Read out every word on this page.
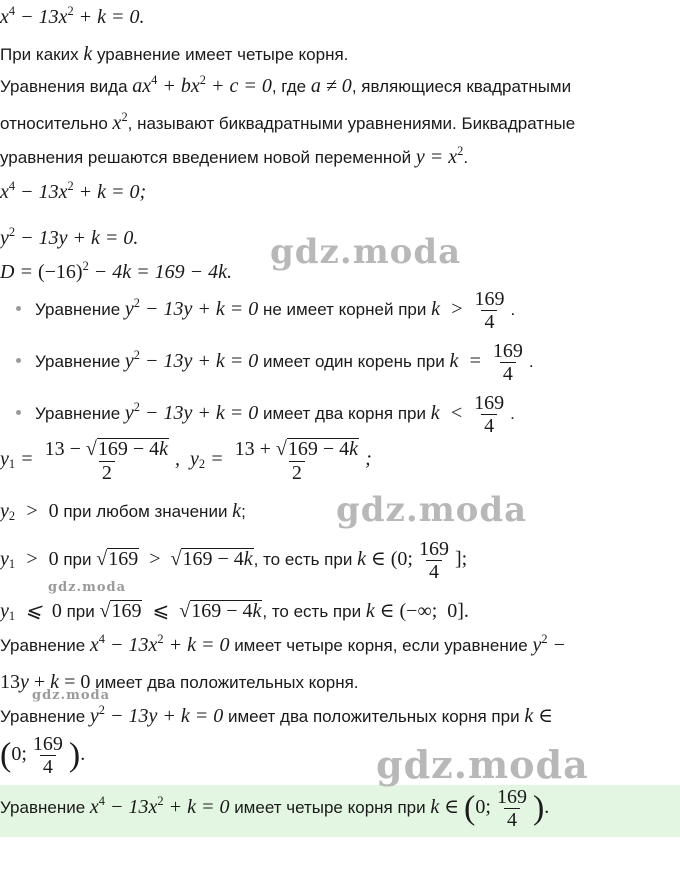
$x^4 - 13x^2 + k = 0$.
При каких k уравнение имеет четыре корня.
Уравнения вида $ax^4 + bx^2 + c = 0$, где a ≠ 0, являющиеся квадратными
относительно $x^2$, называют биквадратными уравнениями. Биквадратные
уравнения решаются введением новой переменной $y = x^2$.
$x^4 - 13x^2 + k = 0$;
$y^2 - 13y + k = 0$.
$D = (-16)^2 - 4k = 169 - 4k$.
Уравнение $y^2 - 13y + k = 0$ не имеет корней при $k > \frac{169}{4}$ .
Уравнение $y^2 - 13y + k = 0$ имеет один корень при $k = \frac{169}{4}$ .
Уравнение $y^2 - 13y + k = 0$ имеет два корня при $k < \frac{169}{4}$ .
$y_1 = \frac{13 - √169 - 4k}{2}$ ,  $y_2 = \frac{13 + √169 - 4k}{2}$ ;
$y_2 > 0$ при любом значении k;
$y_1 > 0$ при √169  >  √169 − 4k, то есть при k ∈ (0; $\frac{169}{4}$ ];
$y_1$  ⩽  0 при √169  ⩽  √169 − 4k, то есть при k ∈ (−∞;  0].
Уравнение $x^4 - 13x^2 + k = 0$ имеет четыре корня, если уравнение $y^2$ −
13y + k = 0 имеет два положительных корня.
Уравнение $y^2 - 13y + k = 0$ имеет два положительных корня при k ∈
(0; $\frac{169}{4}$ ).
Уравнение $x^4 - 13x^2 + k = 0$ имеет четыре корня при k ∈ (0; $\frac{169}{4}$ ).
gdz.moda
gdz.moda
gdz.moda
gdz.moda
gdz.moda
